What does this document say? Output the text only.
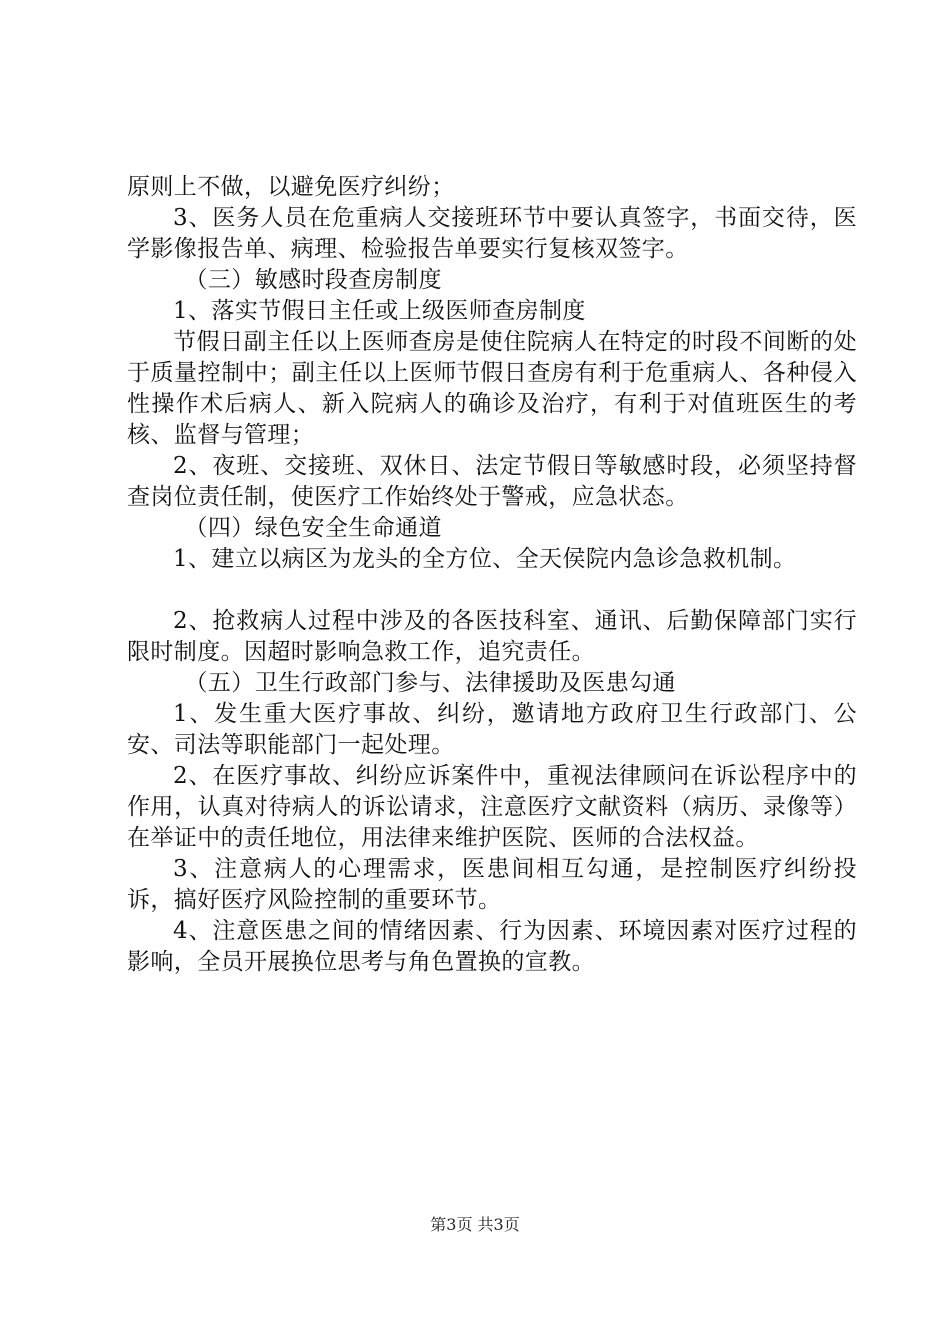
原则上不做，以避免医疗纠纷；

3、医务人员在危重病人交接班环节中要认真签字，书面交待，医学影像报告单、病理、检验报告单要实行复核双签字。

（三）敏感时段查房制度

1、落实节假日主任或上级医师查房制度

节假日副主任以上医师查房是使住院病人在特定的时段不间断的处于质量控制中；副主任以上医师节假日查房有利于危重病人、各种侵入性操作术后病人、新入院病人的确诊及治疗，有利于对值班医生的考核、监督与管理；

2、夜班、交接班、双休日、法定节假日等敏感时段，必须坚持督查岗位责任制，使医疗工作始终处于警戒，应急状态。

（四）绿色安全生命通道

1、建立以病区为龙头的全方位、全天侯院内急诊急救机制。

2、抢救病人过程中涉及的各医技科室、通讯、后勤保障部门实行限时制度。因超时影响急救工作，追究责任。

（五）卫生行政部门参与、法律援助及医患勾通

1、发生重大医疗事故、纠纷，邀请地方政府卫生行政部门、公安、司法等职能部门一起处理。

2、在医疗事故、纠纷应诉案件中，重视法律顾问在诉讼程序中的作用，认真对待病人的诉讼请求，注意医疗文献资料（病历、录像等）在举证中的责任地位，用法律来维护医院、医师的合法权益。

3、注意病人的心理需求，医患间相互勾通，是控制医疗纠纷投诉，搞好医疗风险控制的重要环节。

4、注意医患之间的情绪因素、行为因素、环境因素对医疗过程的影响，全员开展换位思考与角色置换的宣教。

第3页 共3页
